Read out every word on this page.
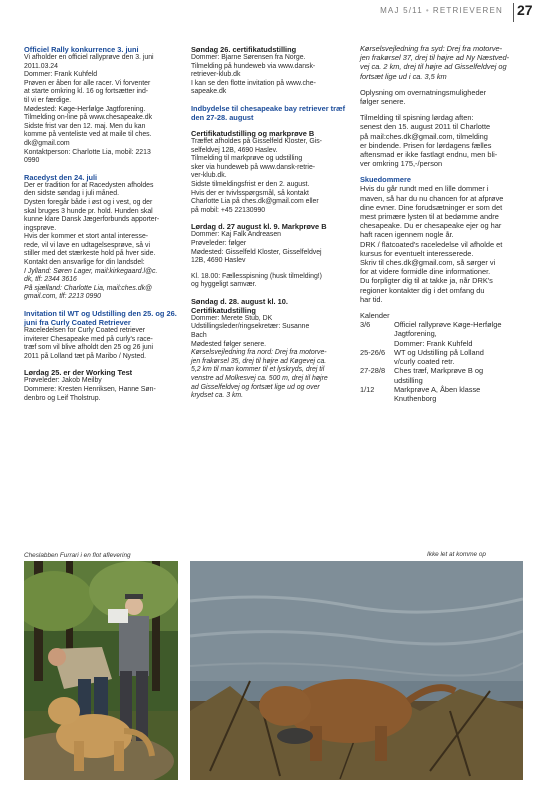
MAJ 5/11 • RETRIEVEREN 27
Officiel Rally konkurrence 3. juni

Vi afholder en officiel rallyprøve den 3. juni

2011.03.24

Dommer: Frank Kuhfeld

Prøven er åben for alle racer. Vi forventer

at starte omkring kl. 16 og fortsætter ind-

til vi er færdige.

Mødested: Køge-Herfølge Jagtforening.

Tilmelding on-line på www.chesapeake.dk

Sidste frist var den 12. maj. Men du kan

komme på venteliste ved at maile til ches.

dk@gmail.com

Kontaktperson: Charlotte Lia, mobil: 2213

0990

Racedyst den 24. juli

Der er tradition for at Racedysten afholdes

den sidste søndag i juli måned.

Dysten foregår både i øst og i vest, og der

skal bruges 3 hunde pr. hold. Hunden skal

kunne klare Dansk Jægerforbunds apporter-

ingsprøve.

Hvis der kommer et stort antal interesse-

rede, vil vi lave en udtagelsesprøve, så vi

stiller med det stærkeste hold på hver side.

Kontakt den ansvarlige for din landsdel:

I Jylland: Søren Lager, mail:kirkegaard.l@c.

dk, tlf: 2344 3616

På sjælland: Charlotte Lia, mail:ches.dk@

gmail.com, tlf: 2213 0990

Invitation til WT og Udstilling den 25. og 26. juni fra Curly Coated Retriever

Raceledelsen for Curly Coated retriever

inviterer Chesapeake med på curly's race-

træf som vil blive afholdt den 25 og 26 juni

2011 på Lolland tæt på Maribo / Nysted.

Lørdag 25. er der Working Test

Prøveleder: Jakob Meilby

Dommere: Kresten Henriksen, Hanne Søn-

denbro og Leif Tholstrup.

Søndag 26. certifikatudstilling

Dommer: Bjarne Sørensen fra Norge.

Tilmelding på hundeweb via www.dansk-

retriever-klub.dk

I kan se den flotte invitation på www.che-

sapeake.dk

Indbydelse til chesapeake bay retriever træf den 27-28. august
Certifikatudstilling og markprøve B

Træffet afholdes på Gisselfeld Kloster, Gis-

selfeldvej 12B, 4690 Haslev.

Tilmelding til markprøve og udstilling

sker via hundeweb på www.dansk-retrie-

ver-klub.dk.

Sidste tilmeldingsfrist er den 2. august.

Hvis der er tvivlsspørgsmål, så kontakt

Charlotte Lia på ches.dk@gmail.com eller

på mobil: +45 22130990

Lørdag d. 27 august kl. 9. Markprøve B

Dommer: Kaj Falk Andreasen

Prøveleder: følger

Mødested: Gisselfeld Kloster, Gisselfeldvej

12B, 4690 Haslev

Kl. 18.00: Fællesspisning (husk tilmelding!)

og hyggeligt samvær.

Søndag d. 28. august kl. 10. Certifikatudstilling

Dommer: Merete Stub, DK

Udstillingsleder/ringsekretær: Susanne

Bach

Mødested følger senere.

Kørselsvejledning fra nord: Drej fra motorve-

jen frakørsel 35, drej til højre ad Køgevej ca.

5,2 km til man kommer til et lyskryds, drej til

venstre ad Molkesvej ca. 500 m, drej til højre

ad Gisselfeldvej og fortsæt lige ud og over

krydset ca. 3 km.

Kørselsvejledning fra syd: Drej fra motorve-

jen frakørsel 37, drej til højre ad Ny Næstved-

vej ca. 2 km, drej til højre ad Gisselfeldvej og

fortsæt lige ud i ca. 3,5 km

Oplysning om overnatningsmuligheder

følger senere.

Tilmelding til spisning lørdag aften:

senest den 15. august 2011 til Charlotte

på mail:ches.dk@gmail.com, tilmelding

er bindende. Prisen for lørdagens fælles

aftensmad er ikke fastlagt endnu, men bli-

ver omkring 175,-/person

Skuedommere

Hvis du går rundt med en lille dommer i

maven, så har du nu chancen for at afprøve

dine evner. Dine forudsætninger er som det

mest primære lysten til at bedømme andre

chesapeake. Du er chesapeake ejer og har

haft racen igennem nogle år.

DRK / flatcoated's raceledelse vil afholde et

kursus for eventuelt interesserede.

Skriv til ches.dk@gmail.com, så sørger vi

for at videre formidle dine informationer.

Du forpligter dig til at takke ja, når DRK's

regioner kontakter dig i det omfang du

har tid.

Kalender

3/6	Officiel rallyprøve Køge-Herfølge

Jagtforening,

Dommer: Frank Kuhfeld

25-26/6	WT og Udstilling på Lolland

v/curly coated retr.

27-28/8	Ches træf, Markprøve B og

udstilling

1/12	Markprøve A, Åben klasse

Knuthenborg

Cheslabben Furrari i en flot aflevering	Ikke let at komme op
